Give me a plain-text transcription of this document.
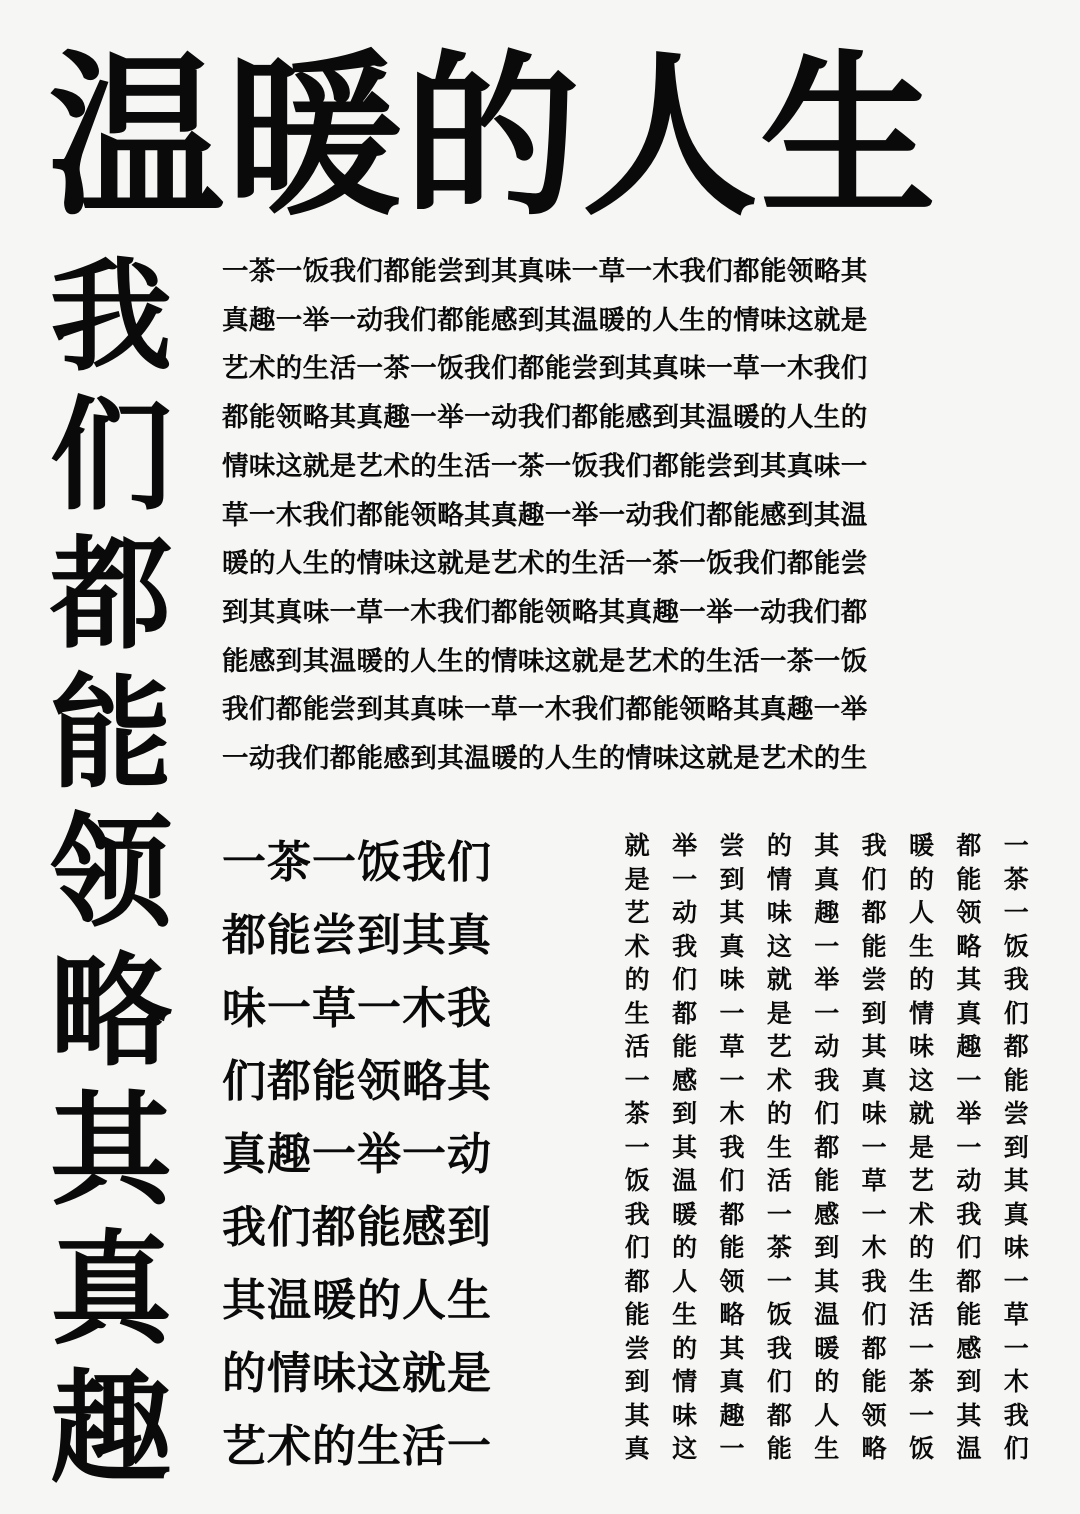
温暖的人生
我
们
都
能
领
略
其
真
趣
一茶一饭我们都能尝到其真味一草一木我们都能领略其
真趣一举一动我们都能感到其温暖的人生的情味这就是
艺术的生活一茶一饭我们都能尝到其真味一草一木我们
都能领略其真趣一举一动我们都能感到其温暖的人生的
情味这就是艺术的生活一茶一饭我们都能尝到其真味一
草一木我们都能领略其真趣一举一动我们都能感到其温
暖的人生的情味这就是艺术的生活一茶一饭我们都能尝
到其真味一草一木我们都能领略其真趣一举一动我们都
能感到其温暖的人生的情味这就是艺术的生活一茶一饭
我们都能尝到其真味一草一木我们都能领略其真趣一举
一动我们都能感到其温暖的人生的情味这就是艺术的生
一茶一饭我们
都能尝到其真
味一草一木我
们都能领略其
真趣一举一动
我们都能感到
其温暖的人生
的情味这就是
艺术的生活一
一
茶
一
饭
我
们
都
能
尝
到
其
真
味
一
草
一
木
我
们
都
能
领
略
其
真
趣
一
举
一
动
我
们
都
能
感
到
其
温
暖
的
人
生
的
情
味
这
就
是
艺
术
的
生
活
一
茶
一
饭
我
们
都
能
尝
到
其
真
味
一
草
一
木
我
们
都
能
领
略
其
真
趣
一
举
一
动
我
们
都
能
感
到
其
温
暖
的
人
生
的
情
味
这
就
是
艺
术
的
生
活
一
茶
一
饭
我
们
都
能
尝
到
其
真
味
一
草
一
木
我
们
都
能
领
略
其
真
趣
一
举
一
动
我
们
都
能
感
到
其
温
暖
的
人
生
的
情
味
这
就
是
艺
术
的
生
活
一
茶
一
饭
我
们
都
能
尝
到
其
真
